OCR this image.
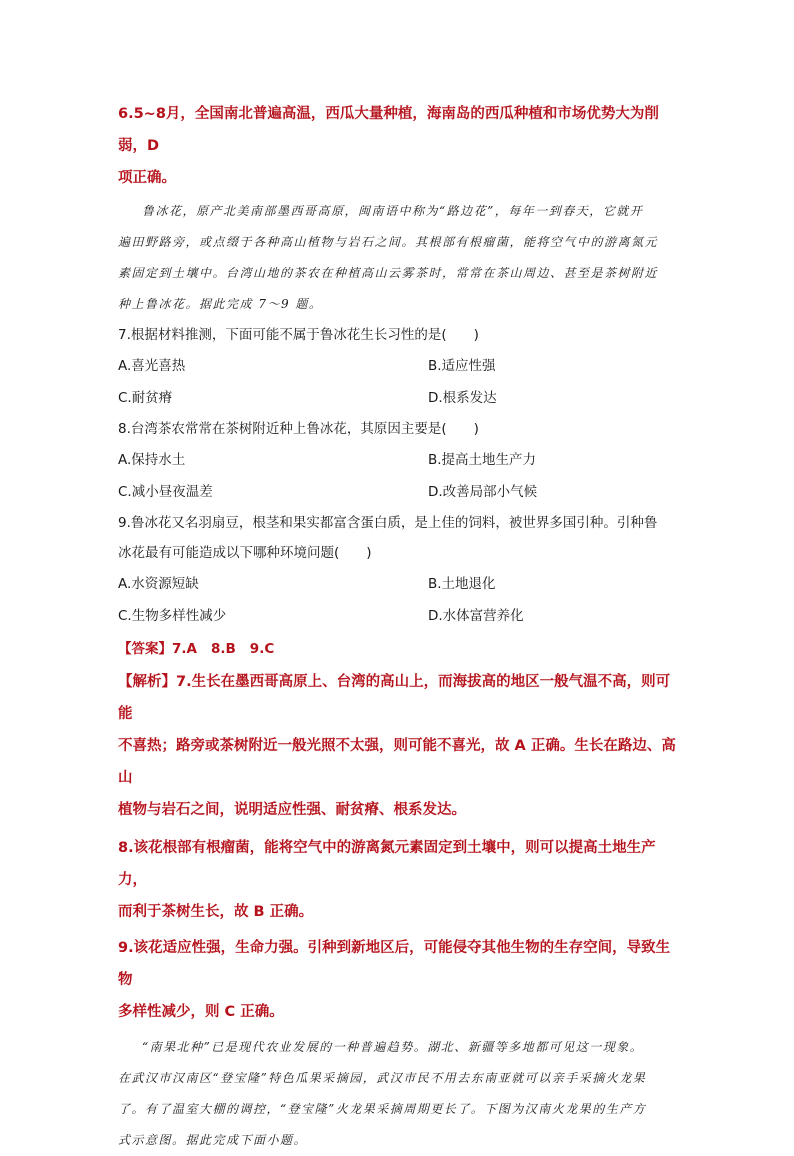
6.5~8月，全国南北普遍高温，西瓜大量种植，海南岛的西瓜种植和市场优势大为削弱，D
项正确。

鲁冰花，原产北美南部墨西哥高原，闽南语中称为“路边花”，每年一到春天，它就开

遍田野路旁，或点缀于各种高山植物与岩石之间。其根部有根瘤菌，能将空气中的游离氮元

素固定到土壤中。台湾山地的茶农在种植高山云雾茶时，常常在茶山周边、甚至是茶树附近

种上鲁冰花。据此完成 7～9 题。

7.根据材料推测，下面可能不属于鲁冰花生长习性的是(　　)

A.喜光喜热	B.适应性强
C.耐贫瘠	D.根系发达

8.台湾茶农常常在茶树附近种上鲁冰花，其原因主要是(　　)

A.保持水土	B.提高土地生产力
C.减小昼夜温差	D.改善局部小气候

9.鲁冰花又名羽扇豆，根茎和果实都富含蛋白质，是上佳的饲料，被世界多国引种。引种鲁

冰花最有可能造成以下哪种环境问题(　　)

A.水资源短缺	B.土地退化
C.生物多样性减少	D.水体富营养化
【答案】7.A 8.B 9.C
【解析】7.生长在墨西哥高原上、台湾的高山上，而海拔高的地区一般气温不高，则可能
不喜热；路旁或茶树附近一般光照不太强，则可能不喜光，故 A 正确。生长在路边、高山
植物与岩石之间，说明适应性强、耐贫瘠、根系发达。
8.该花根部有根瘤菌，能将空气中的游离氮元素固定到土壤中，则可以提高土地生产力，
而利于茶树生长，故 B 正确。
9.该花适应性强，生命力强。引种到新地区后，可能侵夺其他生物的生存空间，导致生物
多样性减少，则 C 正确。

“南果北种”已是现代农业发展的一种普遍趋势。湖北、新疆等多地都可见这一现象。

在武汉市汉南区“登宝隆”特色瓜果采摘园，武汉市民不用去东南亚就可以亲手采摘火龙果

了。有了温室大棚的调控，“登宝隆”火龙果采摘周期更长了。下图为汉南火龙果的生产方

式示意图。据此完成下面小题。
